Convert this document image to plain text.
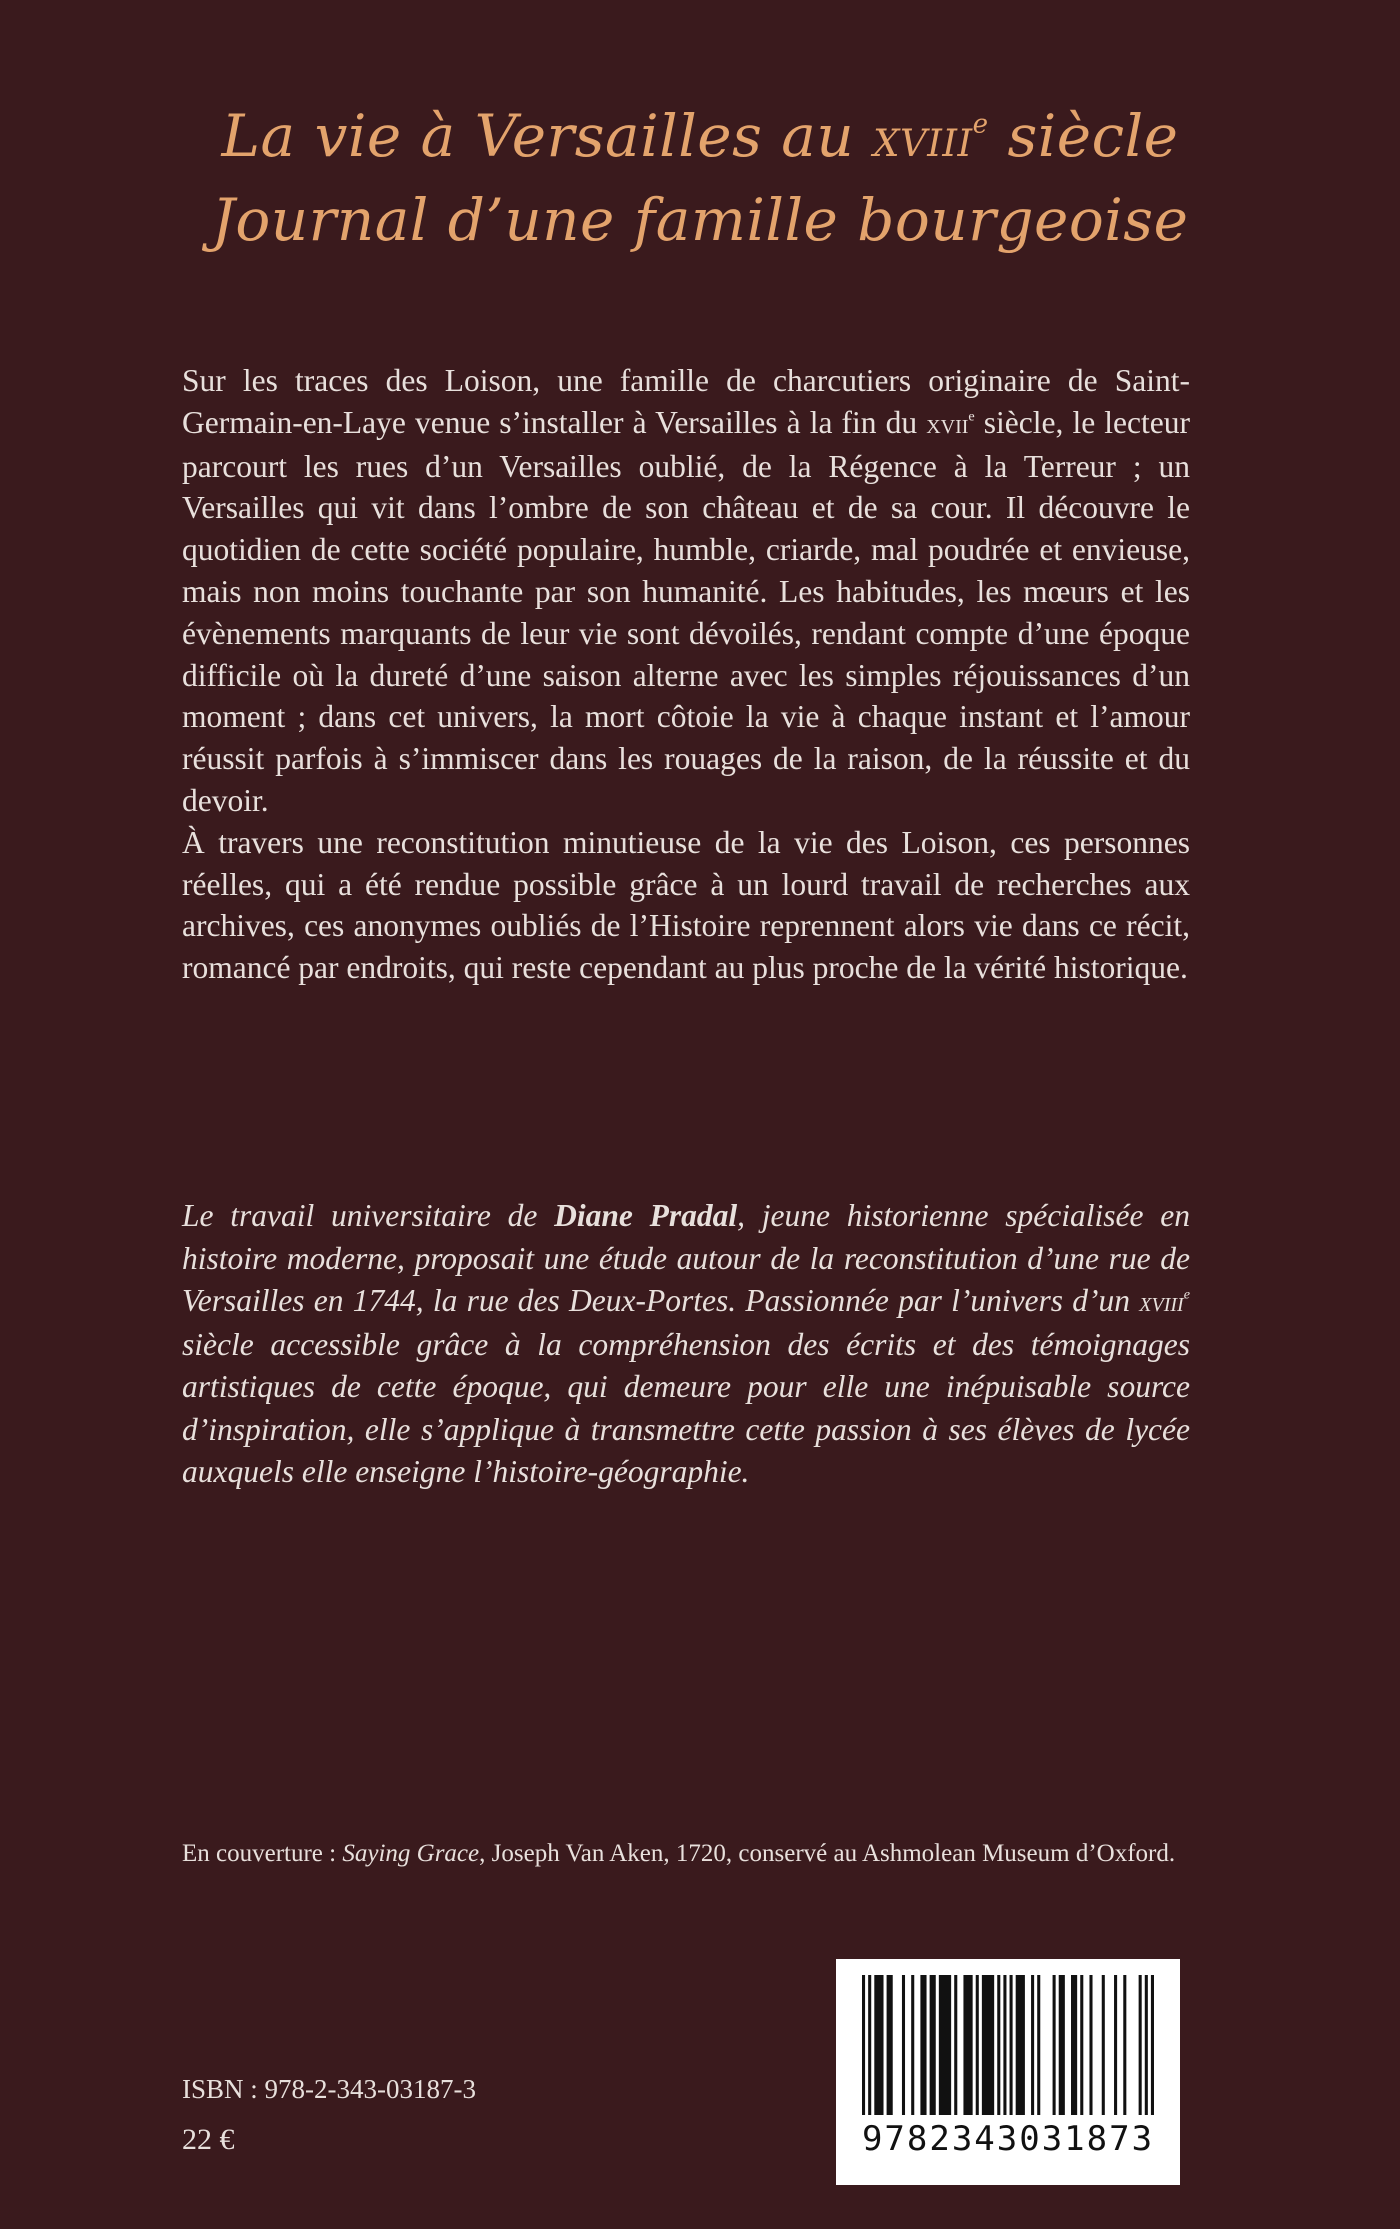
La vie à Versailles au xviii$^e$ siècle
Journal d’une famille bourgeoise

Sur les traces des Loison, une famille de charcutiers originaire de Saint-Germain-en-Laye venue s’installer à Versailles à la fin du xvii$^e$ siècle, le lecteur parcourt les rues d’un Versailles oublié, de la Régence à la Terreur ; un Versailles qui vit dans l’ombre de son château et de sa cour. Il découvre le quotidien de cette société populaire, humble, criarde, mal poudrée et envieuse, mais non moins touchante par son humanité. Les habitudes, les mœurs et les évènements marquants de leur vie sont dévoilés, rendant compte d’une époque difficile où la dureté d’une saison alterne avec les simples réjouissances d’un moment ; dans cet univers, la mort côtoie la vie à chaque instant et l’amour réussit parfois à s’immiscer dans les rouages de la raison, de la réussite et du devoir.

À travers une reconstitution minutieuse de la vie des Loison, ces personnes réelles, qui a été rendue possible grâce à un lourd travail de recherches aux archives, ces anonymes oubliés de l’Histoire reprennent alors vie dans ce récit, romancé par endroits, qui reste cependant au plus proche de la vérité historique.

Le travail universitaire de Diane Pradal, jeune historienne spécialisée en histoire moderne, proposait une étude autour de la reconstitution d’une rue de Versailles en 1744, la rue des Deux-Portes. Passionnée par l’univers d’un xviii$^e$ siècle accessible grâce à la compréhension des écrits et des témoignages artistiques de cette époque, qui demeure pour elle une inépuisable source d’inspiration, elle s’applique à transmettre cette passion à ses élèves de lycée auxquels elle enseigne l’histoire-géographie.
En couverture : Saying Grace, Joseph Van Aken, 1720, conservé au Ashmolean Museum d’Oxford.
ISBN : 978-2-343-03187-3
22 €	9782343031873
